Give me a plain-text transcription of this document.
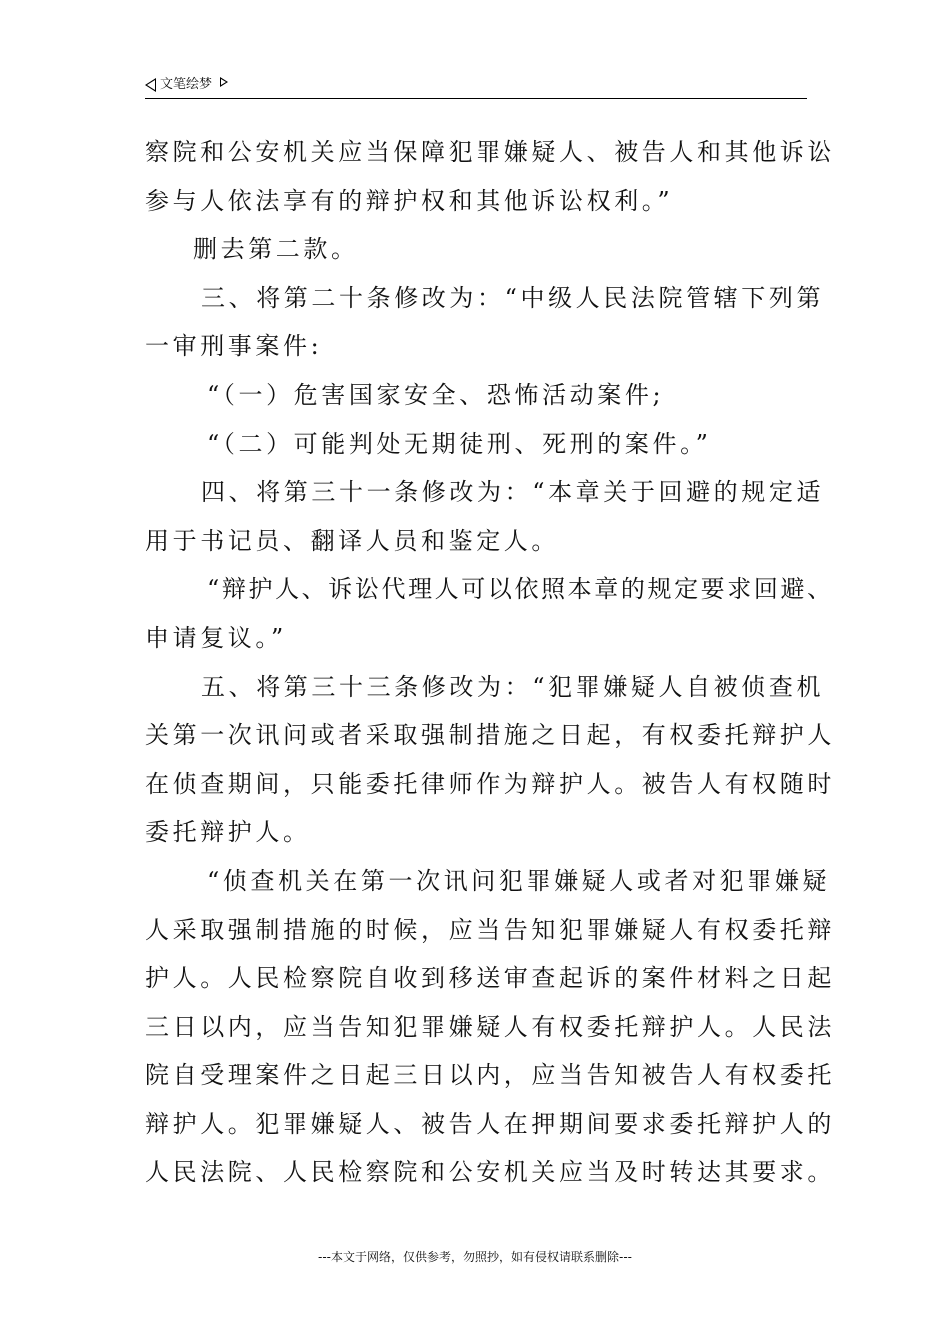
文笔绘梦
察院和公安机关应当保障犯罪嫌疑人、被告人和其他诉讼
参与人依法享有的辩护权和其他诉讼权利。”
删去第二款。
三、将第二十条修改为：“中级人民法院管辖下列第
一审刑事案件:
“（一）危害国家安全、恐怖活动案件;
“（二）可能判处无期徒刑、死刑的案件。”
四、将第三十一条修改为：“本章关于回避的规定适
用于书记员、翻译人员和鉴定人。
“辩护人、诉讼代理人可以依照本章的规定要求回避、
申请复议。”
五、将第三十三条修改为：“犯罪嫌疑人自被侦查机
关第一次讯问或者采取强制措施之日起，有权委托辩护人
在侦查期间，只能委托律师作为辩护人。被告人有权随时
委托辩护人。
“侦查机关在第一次讯问犯罪嫌疑人或者对犯罪嫌疑
人采取强制措施的时候，应当告知犯罪嫌疑人有权委托辩
护人。人民检察院自收到移送审查起诉的案件材料之日起
三日以内，应当告知犯罪嫌疑人有权委托辩护人。人民法
院自受理案件之日起三日以内，应当告知被告人有权委托
辩护人。犯罪嫌疑人、被告人在押期间要求委托辩护人的
人民法院、人民检察院和公安机关应当及时转达其要求。
---本文于网络，仅供参考，勿照抄，如有侵权请联系删除---
